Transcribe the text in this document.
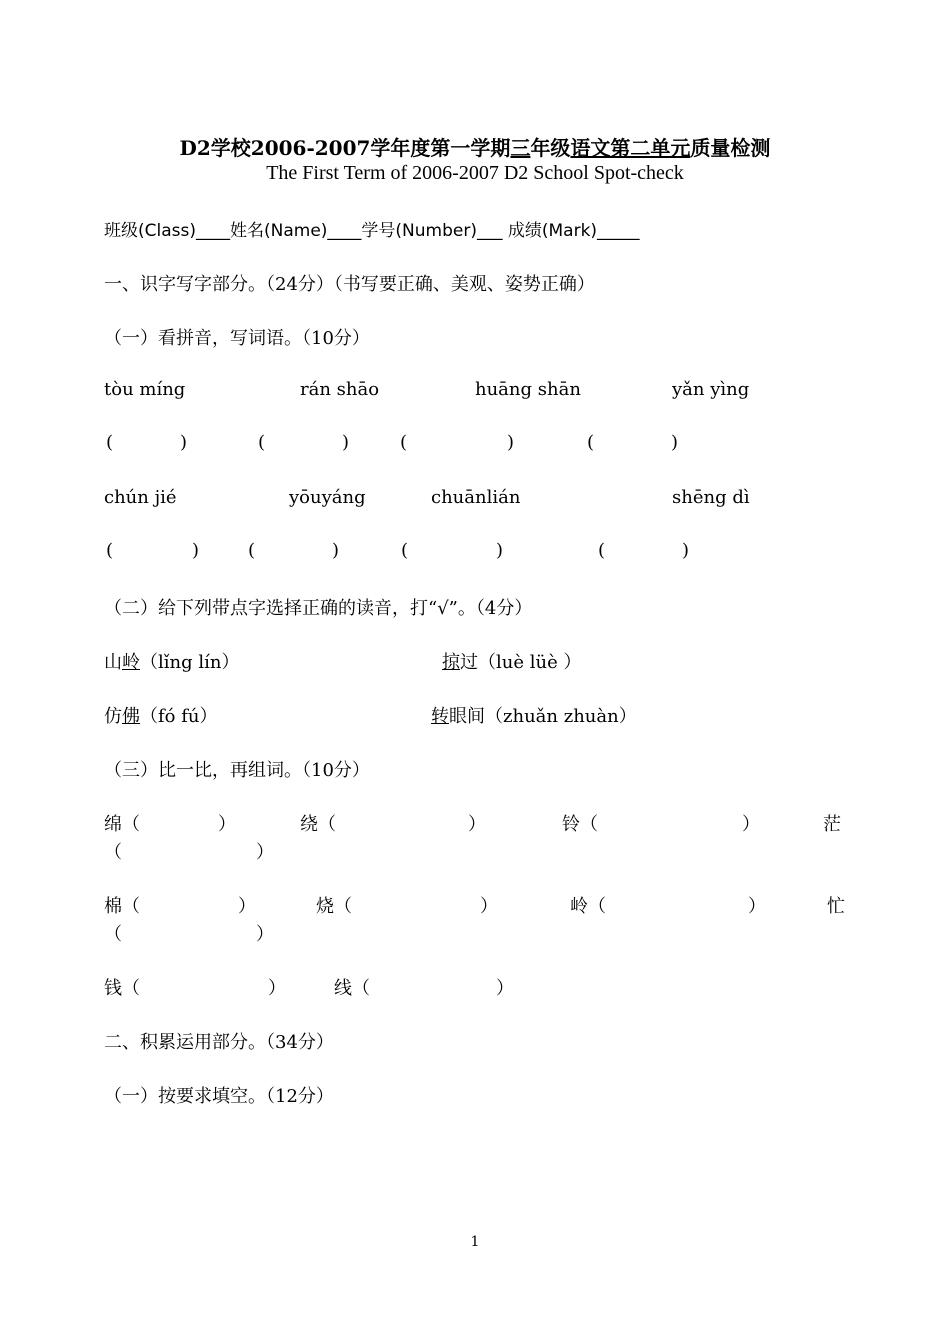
D2学校2006-2007学年度第一学期三年级语文第二单元质量检测
The First Term of 2006-2007 D2 School Spot-check
班级(Class)____姓名(Name)____学号(Number)___ 成绩(Mark)_____
一、识字写字部分。（24分）（书写要正确、美观、姿势正确）
（一）看拼音，写词语。（10分）
tòu míng	rán shāo	huāng shān	yǎn yìng
(	)	(	)	(	)	(	)
chún jié	yōuyáng	chuānlián	shēng dì
(	)	(	)	(	)	(	)
（二）给下列带点字选择正确的读音，打“√”。（4分）
山岭（lǐng lín）	掠过（luè lüè ）
仿佛（fó fú）	转眼间（zhuǎn zhuàn）
（三）比一比，再组词。（10分）
绵（	）	绕（	）	铃（	）	茫
（	）
棉（	）	烧（	）	岭（	）	忙
（	）
钱（	）	线（	）
二、积累运用部分。（34分）
（一）按要求填空。（12分）
1
